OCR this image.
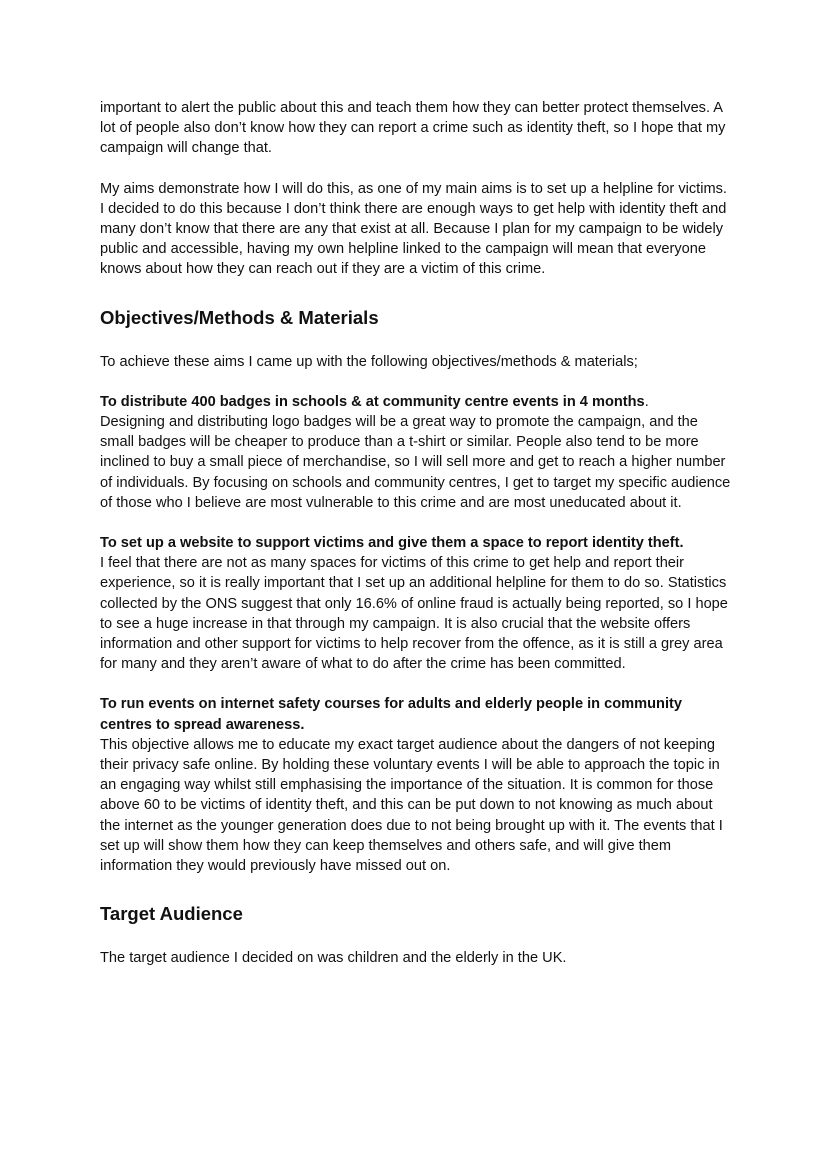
important to alert the public about this and teach them how they can better protect themselves. A lot of people also don’t know how they can report a crime such as identity theft, so I hope that my campaign will change that.

My aims demonstrate how I will do this, as one of my main aims is to set up a helpline for victims. I decided to do this because I don’t think there are enough ways to get help with identity theft and many don’t know that there are any that exist at all. Because I plan for my campaign to be widely public and accessible, having my own helpline linked to the campaign will mean that everyone knows about how they can reach out if they are a victim of this crime.

Objectives/Methods & Materials

To achieve these aims I came up with the following objectives/methods & materials;

To distribute 400 badges in schools & at community centre events in 4 months.
Designing and distributing logo badges will be a great way to promote the campaign, and the small badges will be cheaper to produce than a t-shirt or similar. People also tend to be more inclined to buy a small piece of merchandise, so I will sell more and get to reach a higher number of individuals. By focusing on schools and community centres, I get to target my specific audience of those who I believe are most vulnerable to this crime and are most uneducated about it.

To set up a website to support victims and give them a space to report identity theft.
I feel that there are not as many spaces for victims of this crime to get help and report their experience, so it is really important that I set up an additional helpline for them to do so. Statistics collected by the ONS suggest that only 16.6% of online fraud is actually being reported, so I hope to see a huge increase in that through my campaign. It is also crucial that the website offers information and other support for victims to help recover from the offence, as it is still a grey area for many and they aren’t aware of what to do after the crime has been committed.

To run events on internet safety courses for adults and elderly people in community centres to spread awareness.
This objective allows me to educate my exact target audience about the dangers of not keeping their privacy safe online. By holding these voluntary events I will be able to approach the topic in an engaging way whilst still emphasising the importance of the situation. It is common for those above 60 to be victims of identity theft, and this can be put down to not knowing as much about the internet as the younger generation does due to not being brought up with it. The events that I set up will show them how they can keep themselves and others safe, and will give them information they would previously have missed out on.

Target Audience

The target audience I decided on was children and the elderly in the UK.
